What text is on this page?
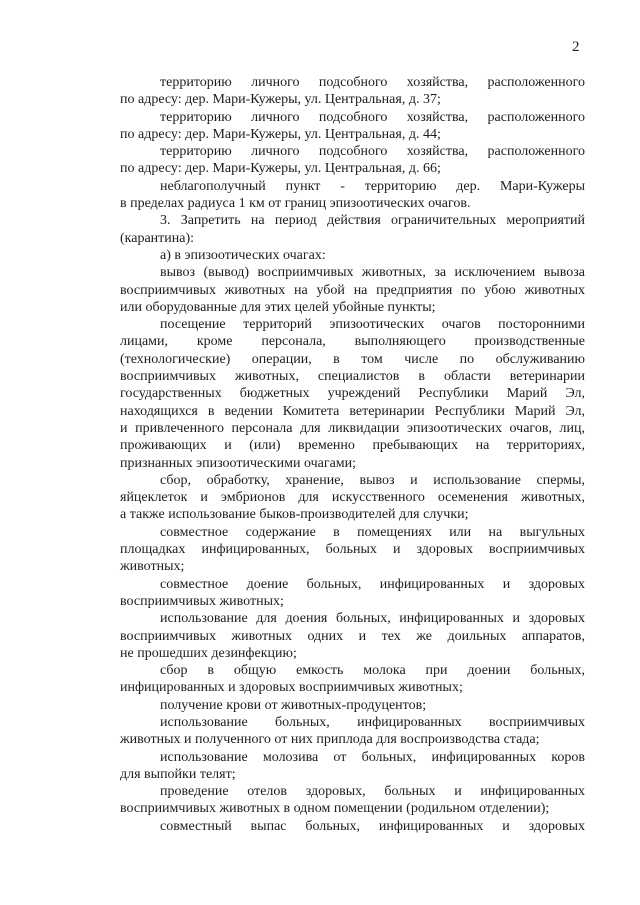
2
территорию личного подсобного хозяйства, расположенного
по адресу: дер. Мари-Кужеры, ул. Центральная, д. 37;
территорию личного подсобного хозяйства, расположенного
по адресу: дер. Мари-Кужеры, ул. Центральная, д. 44;
территорию личного подсобного хозяйства, расположенного
по адресу: дер. Мари-Кужеры, ул. Центральная, д. 66;
неблагополучный пункт - территорию дер. Мари-Кужеры
в пределах радиуса 1 км от границ эпизоотических очагов.
3. Запретить на период действия ограничительных мероприятий
(карантина):
а) в эпизоотических очагах:
вывоз (вывод) восприимчивых животных, за исключением вывоза
восприимчивых животных на убой на предприятия по убою животных
или оборудованные для этих целей убойные пункты;
посещение территорий эпизоотических очагов посторонними
лицами, кроме персонала, выполняющего производственные
(технологические) операции, в том числе по обслуживанию
восприимчивых животных, специалистов в области ветеринарии
государственных бюджетных учреждений Республики Марий Эл,
находящихся в ведении Комитета ветеринарии Республики Марий Эл,
и привлеченного персонала для ликвидации эпизоотических очагов, лиц,
проживающих и (или) временно пребывающих на территориях,
признанных эпизоотическими очагами;
сбор, обработку, хранение, вывоз и использование спермы,
яйцеклеток и эмбрионов для искусственного осеменения животных,
а также использование быков-производителей для случки;
совместное содержание в помещениях или на выгульных
площадках инфицированных, больных и здоровых восприимчивых
животных;
совместное доение больных, инфицированных и здоровых
восприимчивых животных;
использование для доения больных, инфицированных и здоровых
восприимчивых животных одних и тех же доильных аппаратов,
не прошедших дезинфекцию;
сбор в общую емкость молока при доении больных,
инфицированных и здоровых восприимчивых животных;
получение крови от животных-продуцентов;
использование больных, инфицированных восприимчивых
животных и полученного от них приплода для воспроизводства стада;
использование молозива от больных, инфицированных коров
для выпойки телят;
проведение отелов здоровых, больных и инфицированных
восприимчивых животных в одном помещении (родильном отделении);
совместный выпас больных, инфицированных и здоровых
